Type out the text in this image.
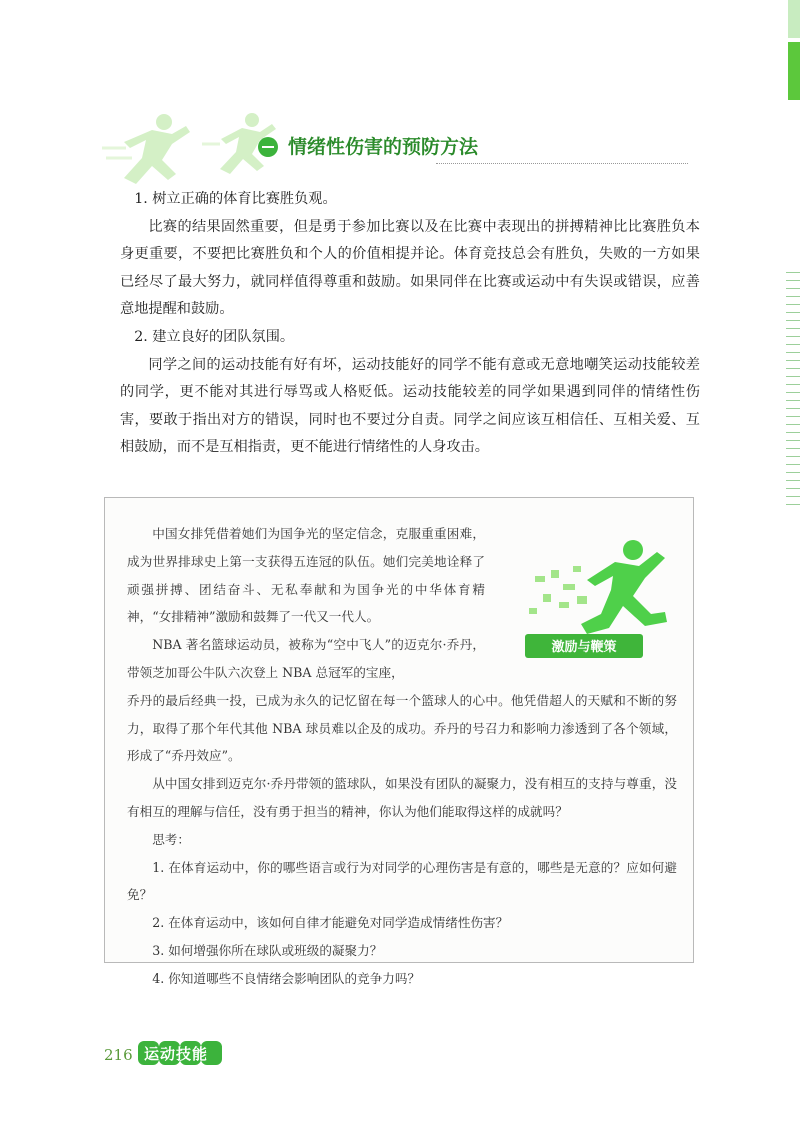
情绪性伤害的预防方法

1. 树立正确的体育比赛胜负观。

比赛的结果固然重要，但是勇于参加比赛以及在比赛中表现出的拼搏精神比比赛胜负本身更重要，不要把比赛胜负和个人的价值相提并论。体育竞技总会有胜负，失败的一方如果已经尽了最大努力，就同样值得尊重和鼓励。如果同伴在比赛或运动中有失误或错误，应善意地提醒和鼓励。

2. 建立良好的团队氛围。

同学之间的运动技能有好有坏，运动技能好的同学不能有意或无意地嘲笑运动技能较差的同学，更不能对其进行辱骂或人格贬低。运动技能较差的同学如果遇到同伴的情绪性伤害，要敢于指出对方的错误，同时也不要过分自责。同学之间应该互相信任、互相关爱、互相鼓励，而不是互相指责，更不能进行情绪性的人身攻击。

激励与鞭策

中国女排凭借着她们为国争光的坚定信念，克服重重困难，成为世界排球史上第一支获得五连冠的队伍。她们完美地诠释了顽强拼搏、团结奋斗、无私奉献和为国争光的中华体育精神，“女排精神”激励和鼓舞了一代又一代人。

NBA 著名篮球运动员，被称为“空中飞人”的迈克尔·乔丹，带领芝加哥公牛队六次登上 NBA 总冠军的宝座，

乔丹的最后经典一投，已成为永久的记忆留在每一个篮球人的心中。他凭借超人的天赋和不断的努力，取得了那个年代其他 NBA 球员难以企及的成功。乔丹的号召力和影响力渗透到了各个领域，形成了“乔丹效应”。

从中国女排到迈克尔·乔丹带领的篮球队，如果没有团队的凝聚力，没有相互的支持与尊重，没有相互的理解与信任，没有勇于担当的精神，你认为他们能取得这样的成就吗？

思考：

1. 在体育运动中，你的哪些语言或行为对同学的心理伤害是有意的，哪些是无意的？应如何避免？

2. 在体育运动中，该如何自律才能避免对同学造成情绪性伤害？

3. 如何增强你所在球队或班级的凝聚力？

4. 你知道哪些不良情绪会影响团队的竞争力吗？

216 运动技能
